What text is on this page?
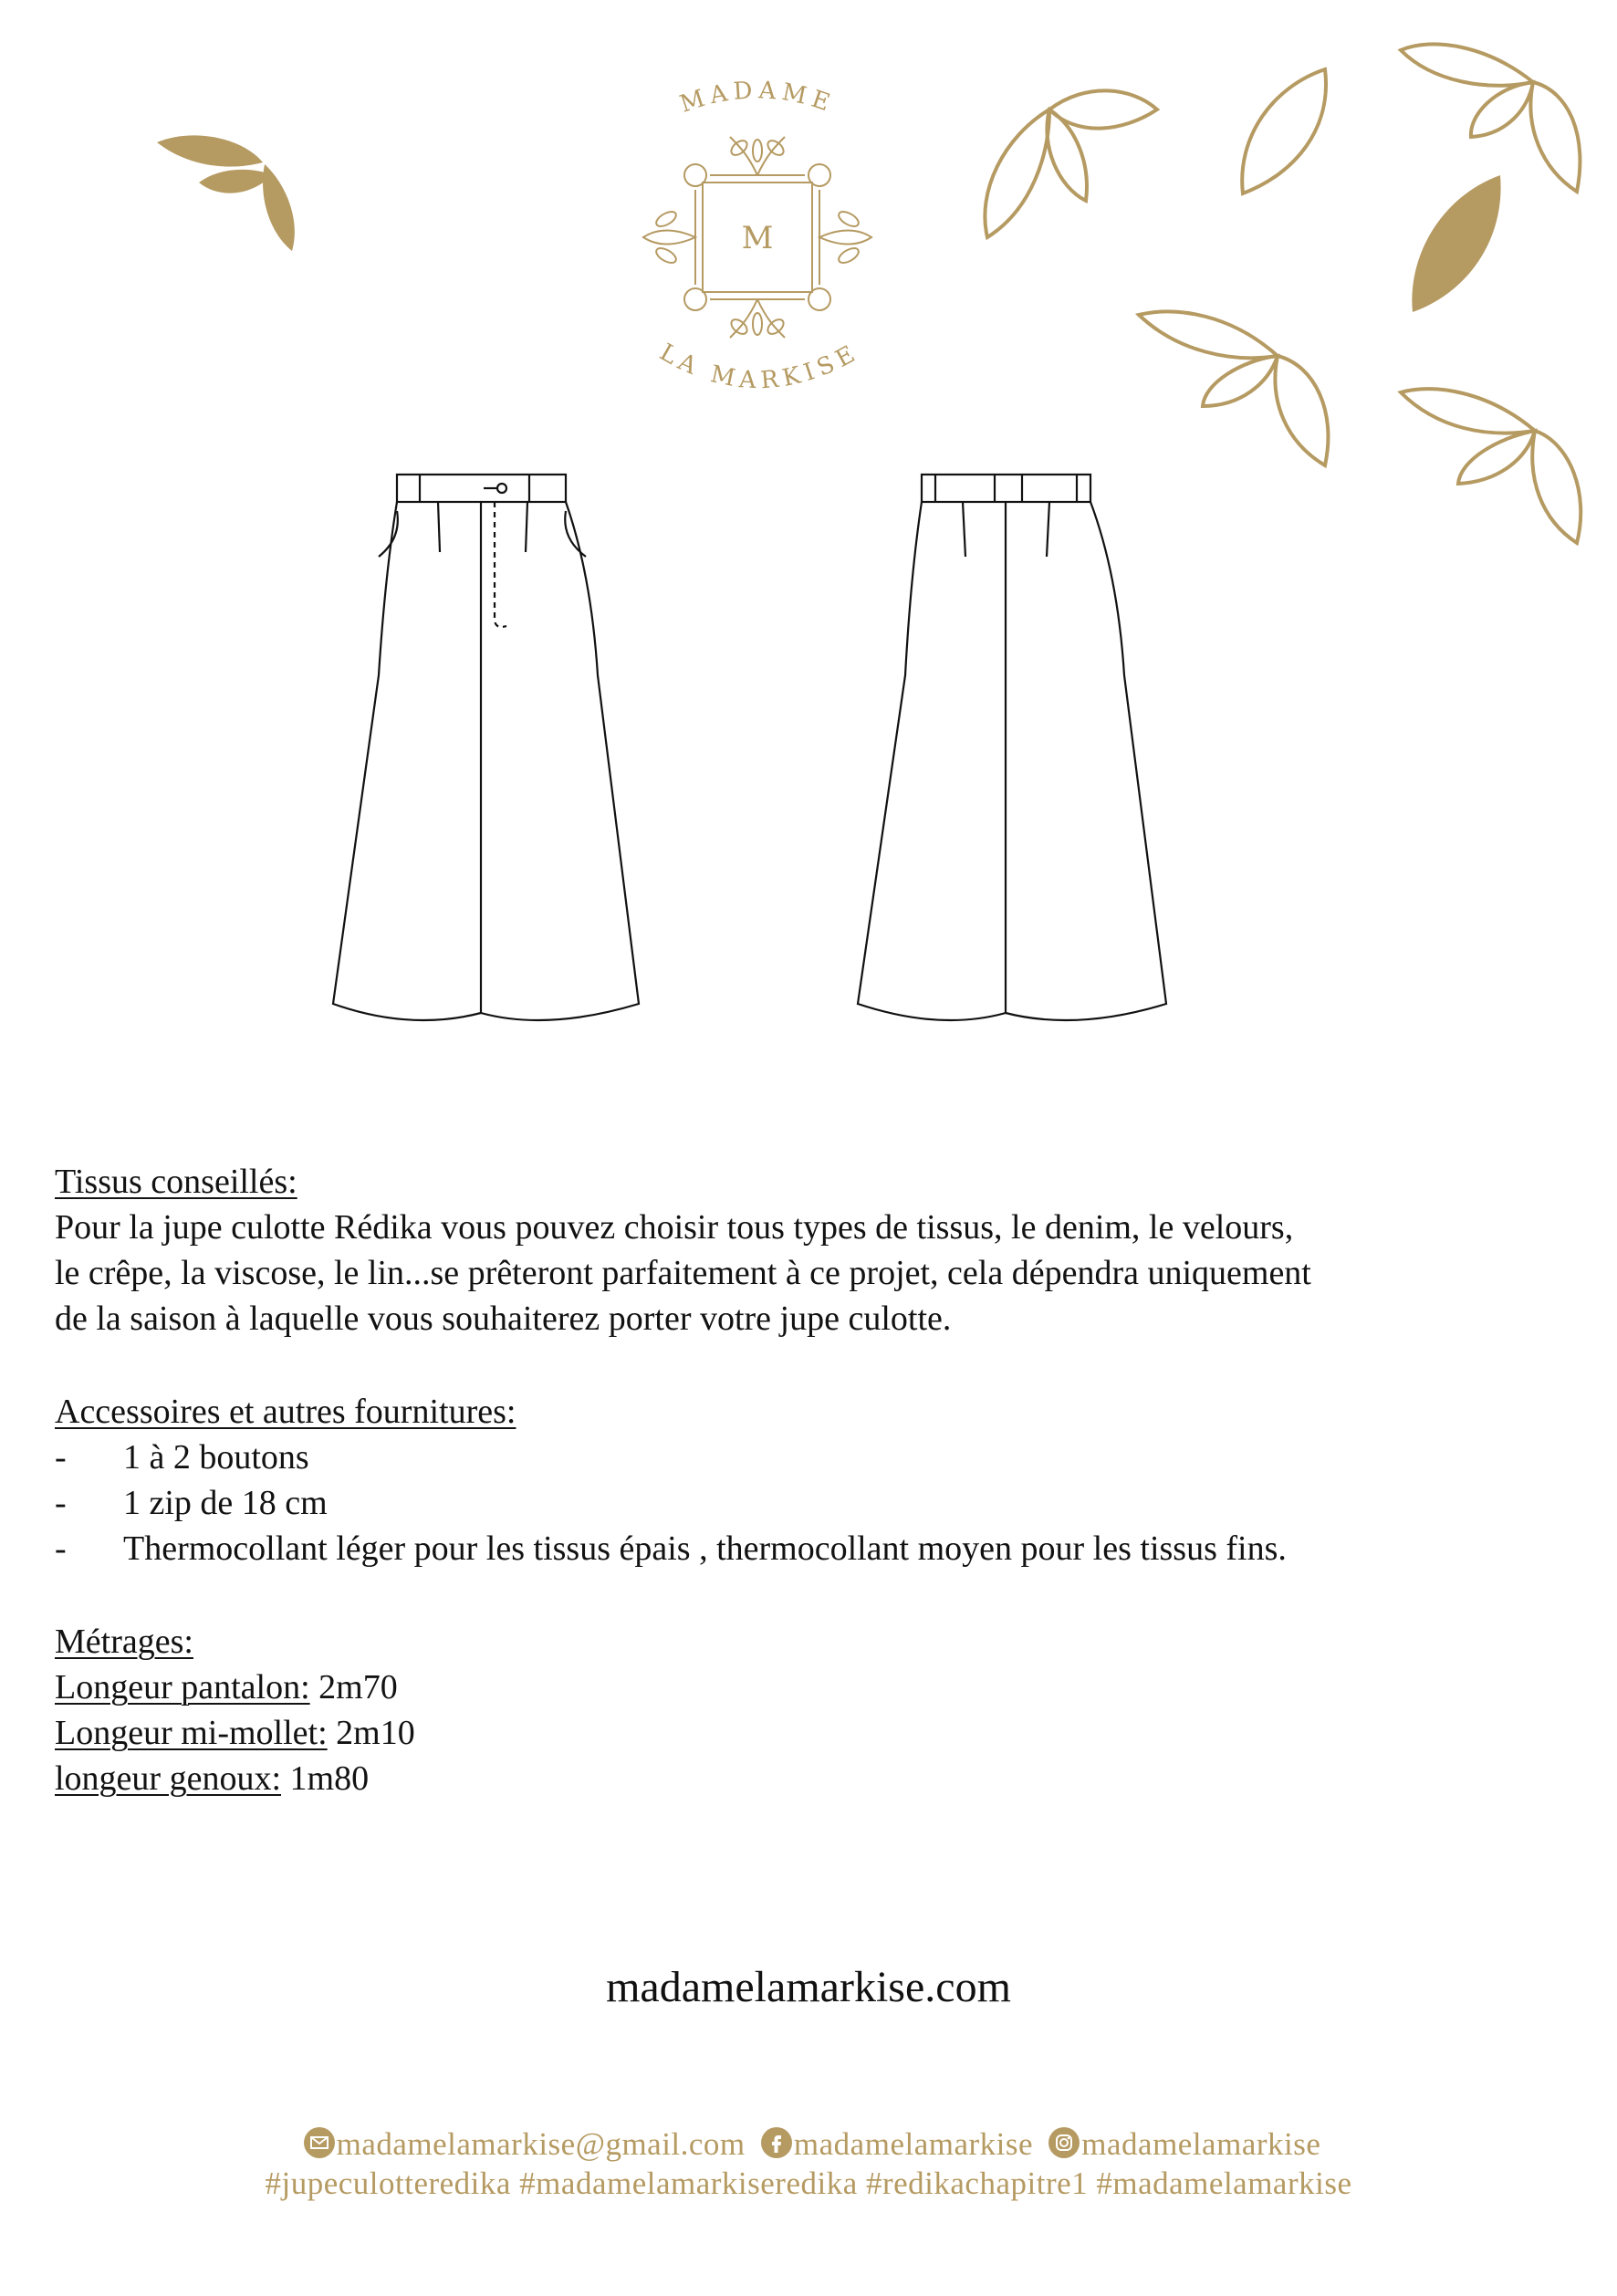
MADAME
M
LA MARKISE
Tissus conseillés:
Pour la jupe culotte Rédika vous pouvez choisir tous types de tissus, le denim, le velours,
le crêpe, la viscose, le lin...se prêteront parfaitement à ce projet, cela dépendra uniquement
de la saison à laquelle vous souhaiterez porter votre jupe culotte.
Accessoires et autres fournitures:
-	1 à 2 boutons
-	1 zip de 18 cm
-	Thermocollant léger pour les tissus épais , thermocollant moyen pour les tissus fins.
Métrages:
Longeur pantalon: 2m70
Longeur mi-mollet: 2m10
longeur genoux: 1m80
madamelamarkise.com
madamelamarkise@gmail.com madamelamarkise madamelamarkise
#jupeculotteredika #madamelamarkiseredika #redikachapitre1 #madamelamarkise
